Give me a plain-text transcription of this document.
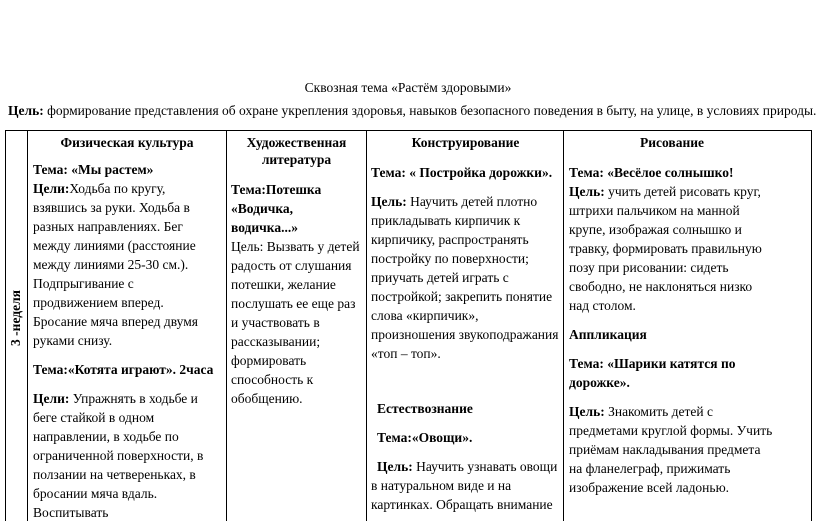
Сквозная тема «Растём здоровыми»
Цель: формирование представления об охране укрепления здоровья, навыков безопасного поведения в быту, на улице, в условиях природы.
3 -неделя
Физическая культура
Тема: «Мы растем»
Цели:Ходьба по кругу, взявшись за руки. Ходьба в разных направлениях. Бег между линиями (расстояние между линиями 25-30 см.). Подпрыгивание с продвижением вперед. Бросание мяча вперед двумя руками снизу.
Тема:«Котята играют». 2часа
Цели: Упражнять в ходьбе и беге стайкой в одном направлении, в ходьбе по ограниченной поверхности, в ползании на четвереньках, в бросании мяча вдаль. Воспитывать
Художественная литература
Тема:Потешка «Водичка, водичка...»
Цель: Вызвать у детей радость от слушания потешки, желание послушать ее еще раз и участвовать в рассказывании; формировать способность к обобщению.
Конструирование
Тема: « Постройка дорожки».
Цель: Научить детей плотно прикладывать кирпичик к кирпичику, распространять постройку по поверхности; приучать детей играть с постройкой; закрепить понятие слова «кирпичик», произношения звукоподражания «топ – топ».
Естествознание
Тема:«Овощи».
Цель: Научить узнавать овощи в натуральном виде и на картинках. Обращать внимание
Рисование
Тема: «Весёлое солнышко!
Цель: учить детей рисовать круг, штрихи пальчиком на манной крупе, изображая солнышко и травку, формировать правильную позу при рисовании: сидеть свободно, не наклоняться низко над столом.
Аппликация
Тема: «Шарики катятся по дорожке».
Цель: Знакомить детей с предметами круглой формы. Учить приёмам накладывания предмета на фланелеграф, прижимать изображение всей ладонью.
